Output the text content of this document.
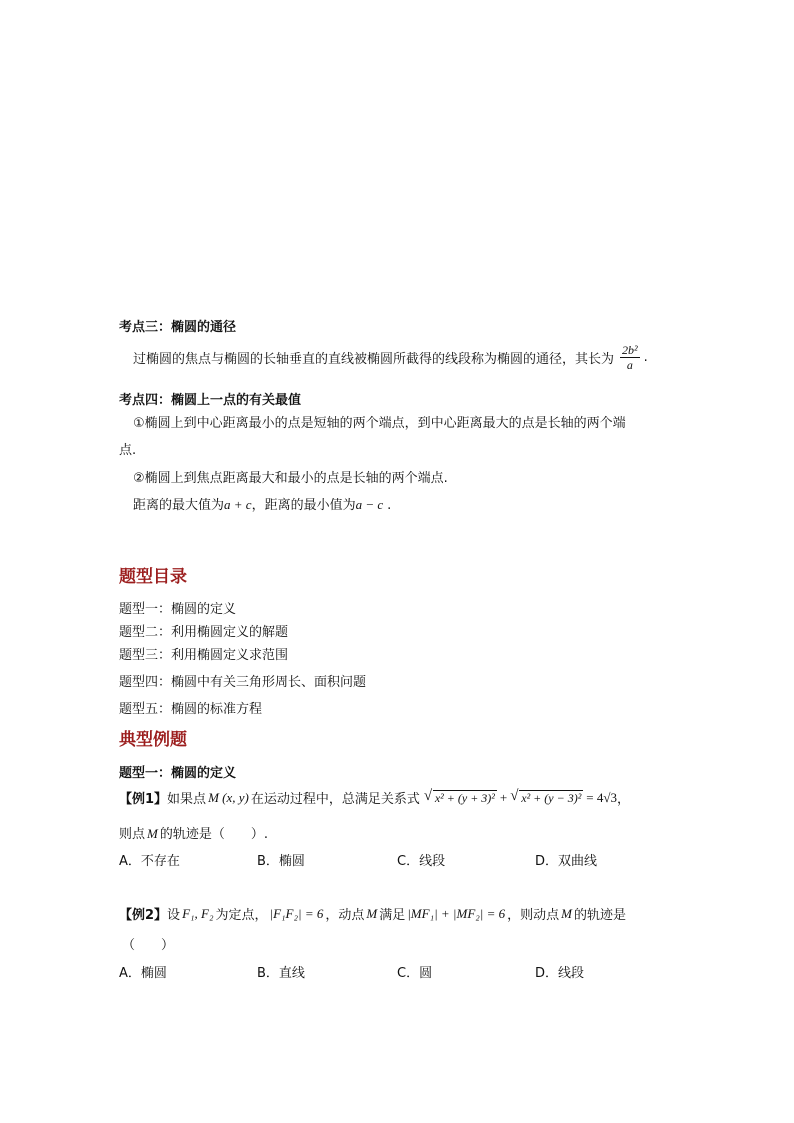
考点三：椭圆的通径
过椭圆的焦点与椭圆的长轴垂直的直线被椭圆所截得的线段称为椭圆的通径，其长为 $\frac{\text{2b²}}{a}$ .
考点四：椭圆上一点的有关最值
①椭圆上到中心距离最小的点是短轴的两个端点，到中心距离最大的点是长轴的两个端
点.
②椭圆上到焦点距离最大和最小的点是长轴的两个端点.
距离的最大值为a + c，距离的最小值为a − c .
题型目录
题型一：椭圆的定义
题型二：利用椭圆定义的解题
题型三：利用椭圆定义求范围
题型四：椭圆中有关三角形周长、面积问题
题型五：椭圆的标准方程
典型例题
题型一：椭圆的定义
【例1】 如果点 M (x, y) 在运动过程中，总满足关系式 √ x² + (y + 3)² + √ x² + (y − 3)² = 4√3 ，
则点 M 的轨迹是（　　）.
A．不存在	B．椭圆	C．线段	D．双曲线
【例2】 设 F₁, F₂ 为定点， |F₁F₂| = 6 ，动点 M 满足 |MF₁| + |MF₂| = 6 ，则动点 M 的轨迹是
（　　）
A．椭圆	B．直线	C．圆	D．线段
